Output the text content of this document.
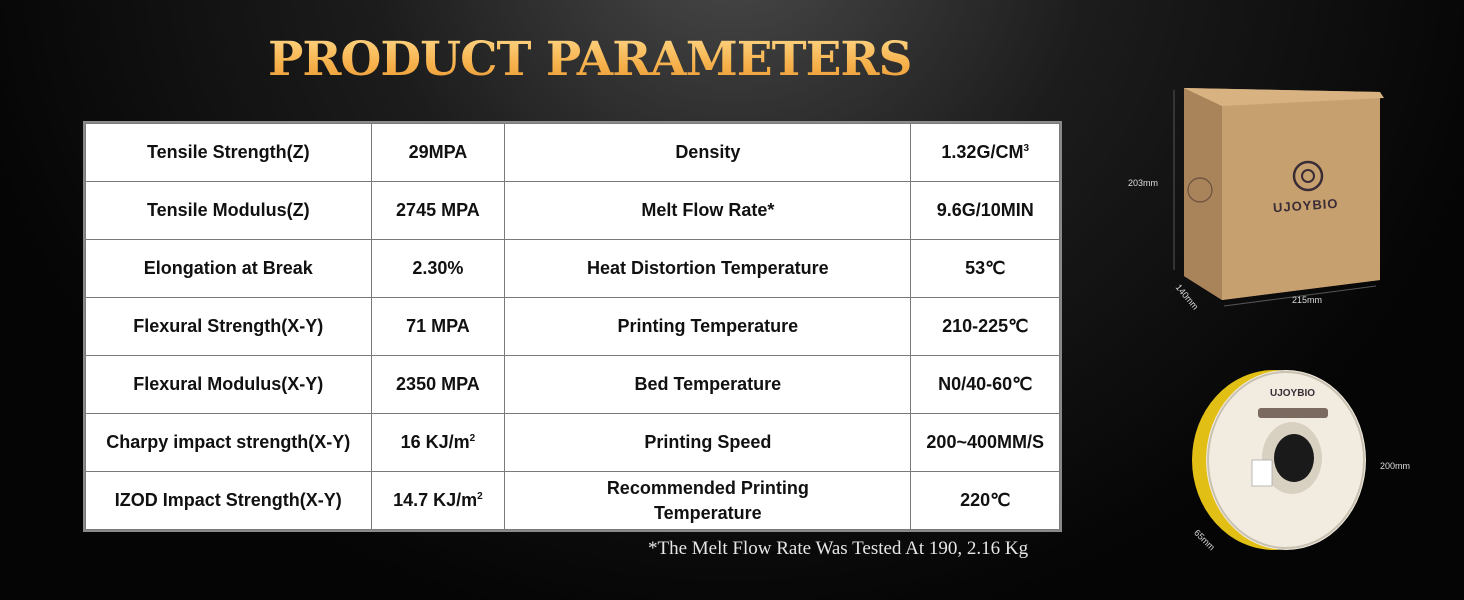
PRODUCT PARAMETERS
Tensile Strength(Z)	29MPA	Density	$1.32G/CM^3$
Tensile Modulus(Z)	2745 MPA	Melt Flow Rate*	9.6G/10MIN
Elongation at Break	2.30%	Heat Distortion Temperature	53℃
Flexural Strength(X-Y)	71 MPA	Printing Temperature	210-225℃
Flexural Modulus(X-Y)	2350 MPA	Bed Temperature	N0/40-60℃
Charpy impact strength(X-Y)	16 $KJ/m^2$	Printing Speed	200~400MM/S
IZOD Impact Strength(X-Y)	14.7 $KJ/m^2$	Recommended Printing Temperature	220℃
*The Melt Flow Rate Was Tested At 190, 2.16 Kg
UJOYBIO
203mm
140mm	215mm
UJOYBIO
200mm
65mm
